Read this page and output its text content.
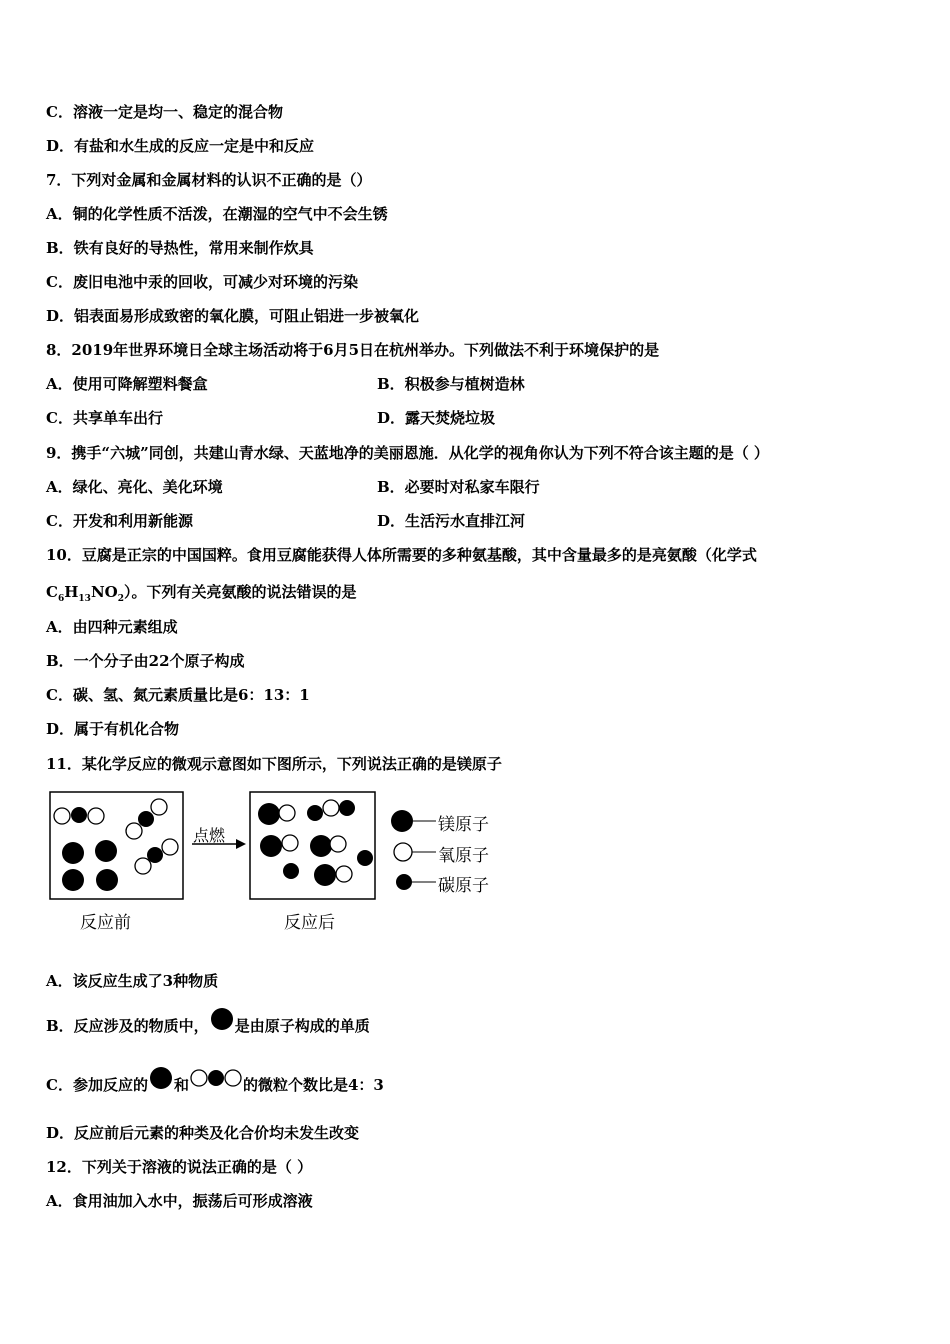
C．溶液一定是均一、稳定的混合物
D．有盐和水生成的反应一定是中和反应
7．下列对金属和金属材料的认识不正确的是（）
A．铜的化学性质不活泼，在潮湿的空气中不会生锈
B．铁有良好的导热性，常用来制作炊具
C．废旧电池中汞的回收，可减少对环境的污染
D．铝表面易形成致密的氧化膜，可阻止铝进一步被氧化
8．2019年世界环境日全球主场活动将于6月5日在杭州举办。下列做法不利于环境保护的是
A．使用可降解塑料餐盒	B．积极参与植树造林
C．共享单车出行	D．露天焚烧垃圾
9．携手“六城”同创，共建山青水绿、天蓝地净的美丽恩施．从化学的视角你认为下列不符合该主题的是（ ）
A．绿化、亮化、美化环境	B．必要时对私家车限行
C．开发和利用新能源	D．生活污水直排江河
10．豆腐是正宗的中国国粹。食用豆腐能获得人体所需要的多种氨基酸，其中含量最多的是亮氨酸（化学式
$C_6H_{13}NO_2$）。下列有关亮氨酸的说法错误的是
A．由四种元素组成
B．一个分子由22个原子构成
C．碳、氢、氮元素质量比是6：13：1
D．属于有机化合物
11．某化学反应的微观示意图如下图所示，下列说法正确的是镁原子
点燃
反应前	反应后
镁原子
氧原子
碳原子
A．该反应生成了3种物质
B．反应涉及的物质中， 是由原子构成的单质
C．参加反应的 和	的微粒个数比是4：3
D．反应前后元素的种类及化合价均未发生改变
12．下列关于溶液的说法正确的是（ ）
A．食用油加入水中，振荡后可形成溶液
